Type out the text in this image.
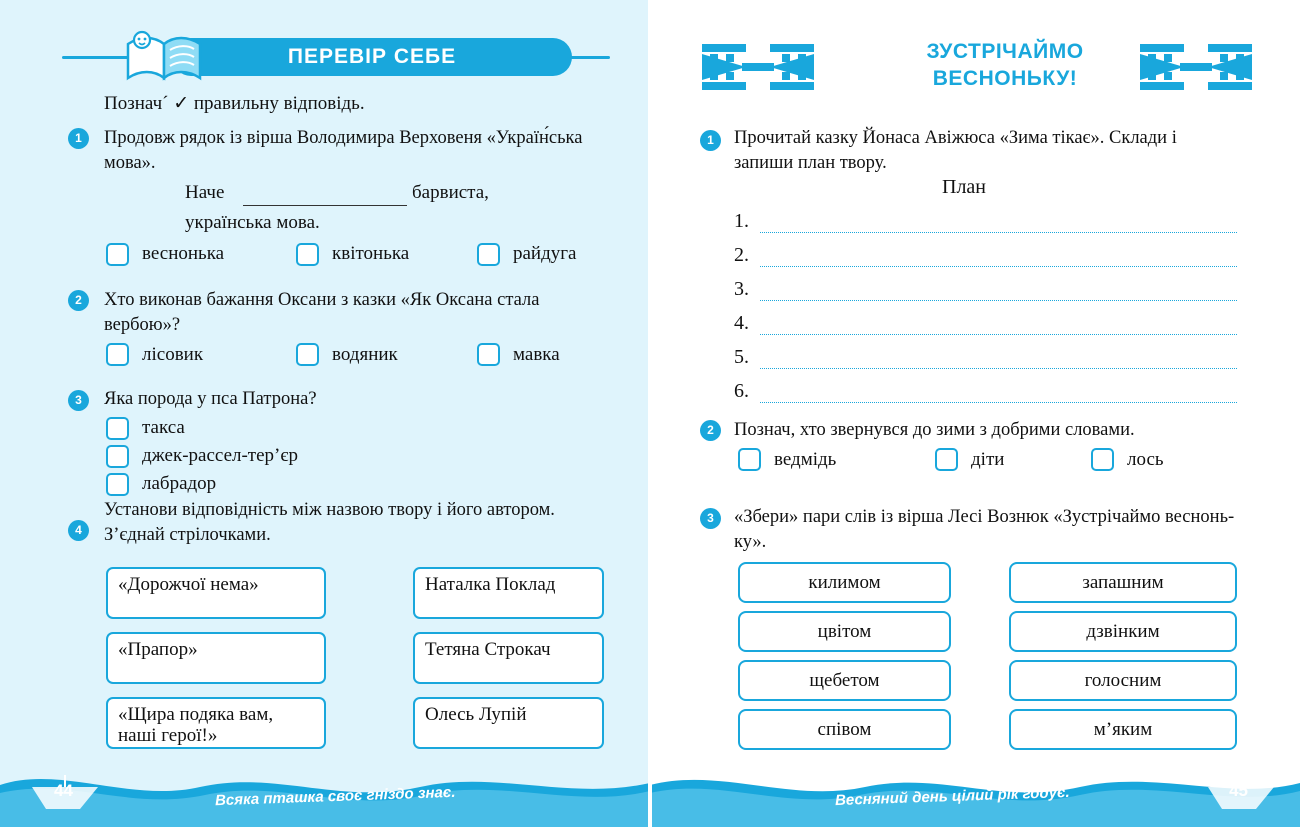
ПЕРЕВІР СЕБЕ
Позначˊ ✓ правильну відповідь.
1	Продовж рядок із вірша Володимира Верховеня «Україн́ська мова».
Наче	барвиста,
українська мова.
веснонька	квітонька	райдуга
2	Хто виконав бажання Оксани з казки «Як Оксана стала вербою»?
лісовик	водяник	мавка
3	Яка порода у пса Патрона?
такса
джек-рассел-тер’єр
лабрадор
4
Установи відповідність між назвою твору і його автором. З’єднай стрілочками.
«Дорожчої нема»
«Прапор»
«Щира подяка вам, наші герої!»
Наталка Поклад
Тетяна Строкач
Олесь Лупій
44	Всяка пташка своє гніздо знає.
ЗУСТРІЧАЙМО ВЕСНОНЬКУ!
1	Прочитай казку Йонаса Авіжюса «Зима тікає». Склади і запиши план твору.
План
1.
2.
3.
4.
5.
6.
2	Познач, хто звернувся до зими з добрими словами.
ведмідь	діти	лось
3	«Збери» пари слів із вірша Лесі Вознюк «Зустрічаймо весноньку».
килимом
цвітом
щебетом
співом
запашним
дзвінким
голосним
м’яким
45
Весняний день цілий рік годує.
